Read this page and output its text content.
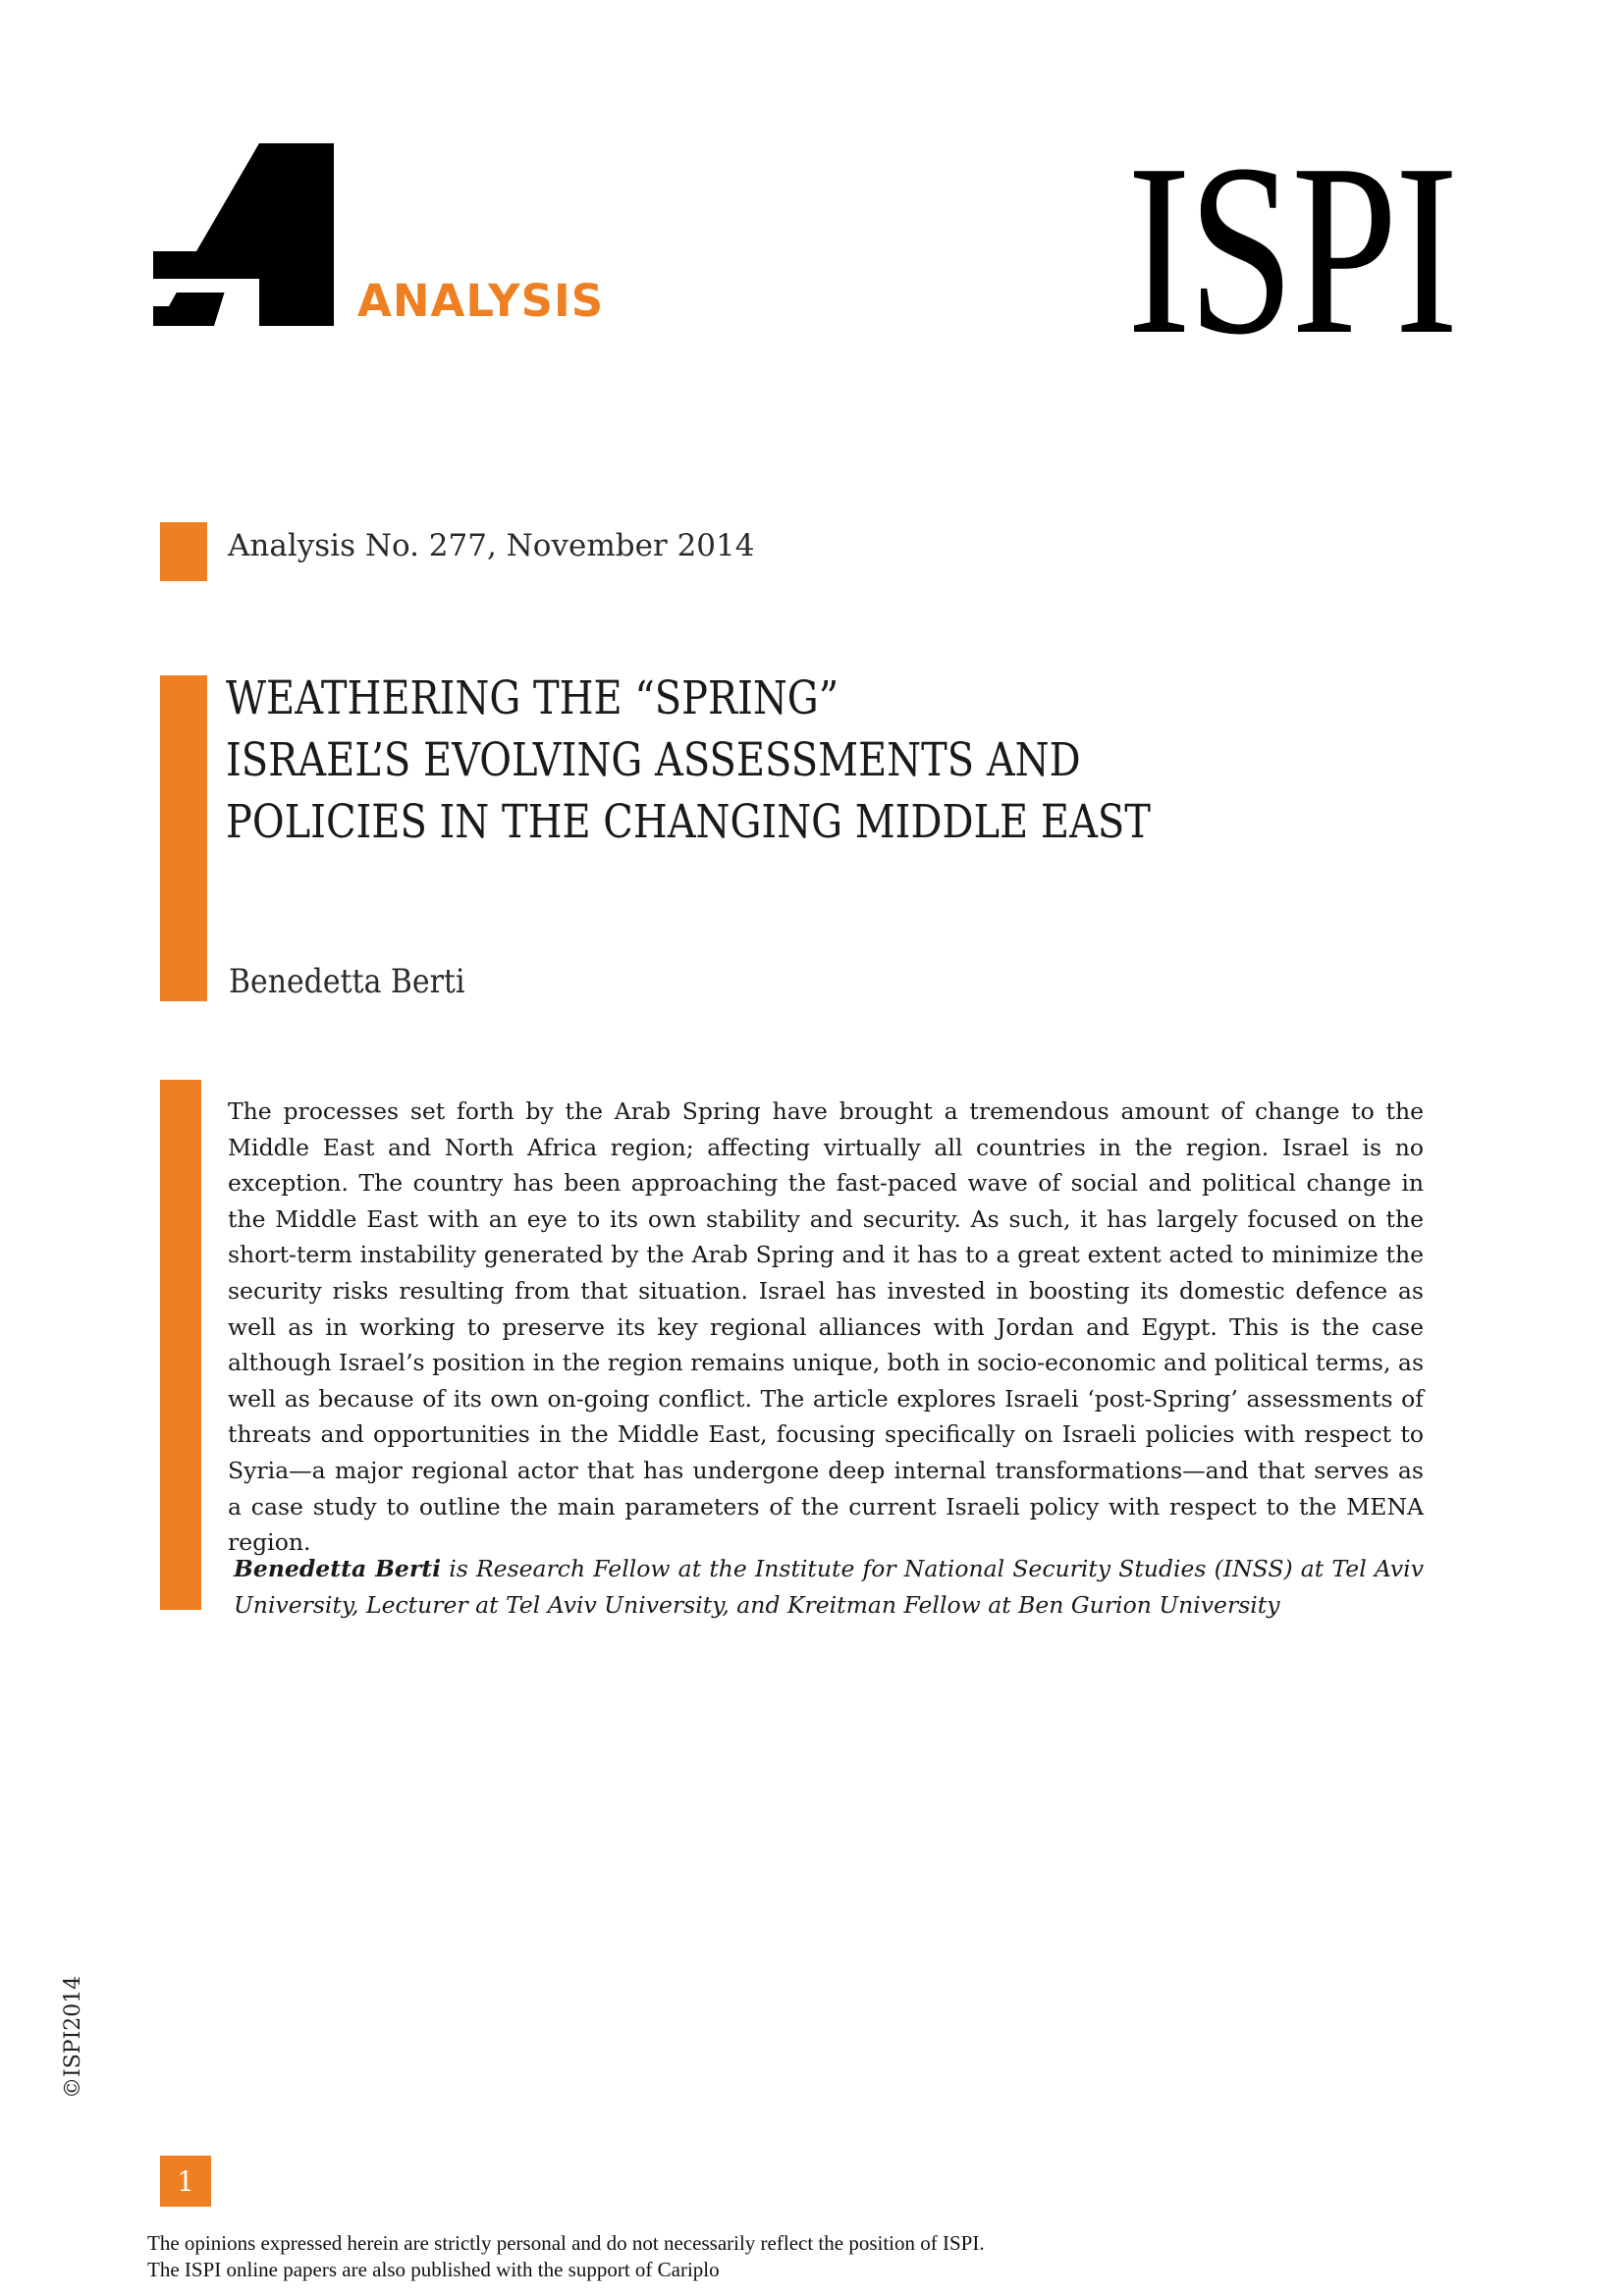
ANALYSIS ISPI
Analysis No. 277, November 2014
WEATHERING THE “SPRING”
ISRAEL’S EVOLVING ASSESSMENTS AND
POLICIES IN THE CHANGING MIDDLE EAST
Benedetta Berti

The processes set forth by the Arab Spring have brought a tremendous amount of change to the Middle East and North Africa region; affecting virtually all countries in the region. Israel is no exception. The country has been approaching the fast-paced wave of social and political change in the Middle East with an eye to its own stability and security. As such, it has largely focused on the short-term instability generated by the Arab Spring and it has to a great extent acted to minimize the security risks resulting from that situation. Israel has invested in boosting its domestic defence as well as in working to preserve its key regional alliances with Jordan and Egypt. This is the case although Israel’s position in the region remains unique, both in socio-economic and political terms, as well as because of its own on-going conflict. The article explores Israeli ‘post-Spring’ assessments of threats and opportunities in the Middle East, focusing specifically on Israeli policies with respect to Syria—a major regional actor that has undergone deep internal transformations—and that serves as a case study to outline the main parameters of the current Israeli policy with respect to the MENA region.

Benedetta Berti is Research Fellow at the Institute for National Security Studies (INSS) at Tel Aviv University, Lecturer at Tel Aviv University, and Kreitman Fellow at Ben Gurion University

©ISPI2014
1
The opinions expressed herein are strictly personal and do not necessarily reflect the position of ISPI.
The ISPI online papers are also published with the support of Cariplo
